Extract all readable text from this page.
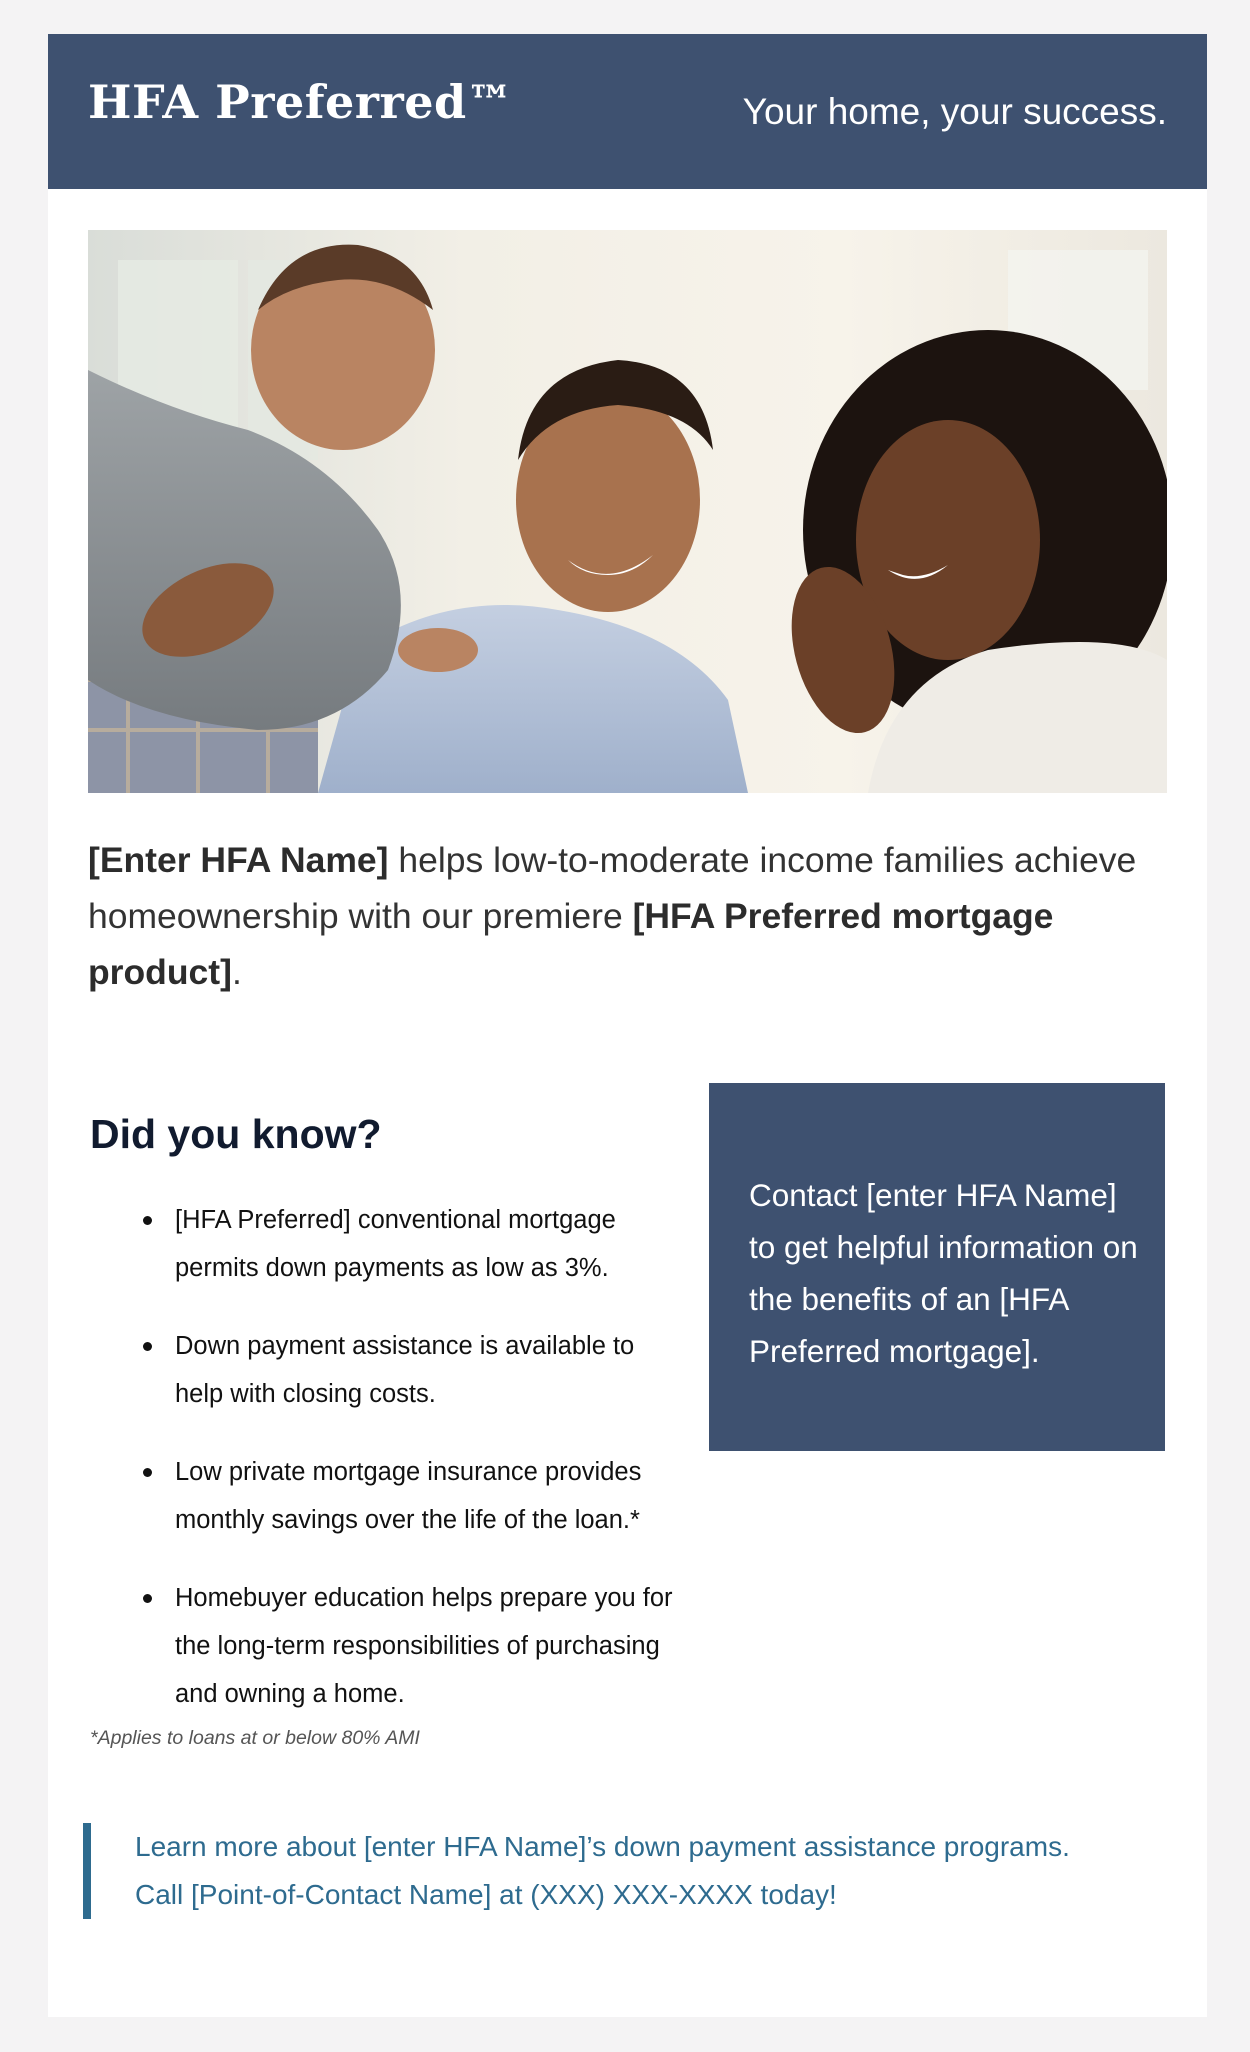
HFA Preferred™	Your home, your success.
[Enter HFA Name] helps low-to-moderate income families achieve homeownership with our premiere [HFA Preferred mortgage product].
Did you know?
[HFA Preferred] conventional mortgage permits down payments as low as 3%.
Down payment assistance is available to help with closing costs.
Low private mortgage insurance provides monthly savings over the life of the loan.*
Homebuyer education helps prepare you for the long-term responsibilities of purchasing and owning a home.
Contact [enter HFA Name] to get helpful information on the benefits of an [HFA Preferred mortgage].
*Applies to loans at or below 80% AMI
Learn more about [enter HFA Name]’s down payment assistance programs.
Call [Point-of-Contact Name] at (XXX) XXX-XXXX today!
